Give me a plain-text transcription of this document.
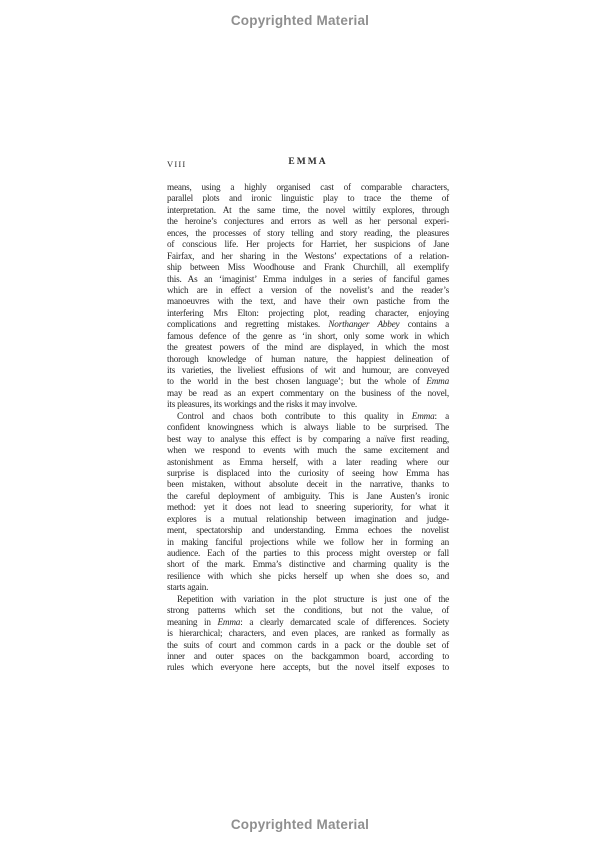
Copyrighted Material
VIII	EMMA
means, using a highly organised cast of comparable characters,
parallel plots and ironic linguistic play to trace the theme of
interpretation. At the same time, the novel wittily explores, through
the heroine’s conjectures and errors as well as her personal experi-
ences, the processes of story telling and story reading, the pleasures
of conscious life. Her projects for Harriet, her suspicions of Jane
Fairfax, and her sharing in the Westons’ expectations of a relation-
ship between Miss Woodhouse and Frank Churchill, all exemplify
this. As an ‘imaginist’ Emma indulges in a series of fanciful games
which are in effect a version of the novelist’s and the reader’s
manoeuvres with the text, and have their own pastiche from the
interfering Mrs Elton: projecting plot, reading character, enjoying
complications and regretting mistakes. Northanger Abbey contains a
famous defence of the genre as ‘in short, only some work in which
the greatest powers of the mind are displayed, in which the most
thorough knowledge of human nature, the happiest delineation of
its varieties, the liveliest effusions of wit and humour, are conveyed
to the world in the best chosen language’; but the whole of Emma
may be read as an expert commentary on the business of the novel,
its pleasures, its workings and the risks it may involve.
Control and chaos both contribute to this quality in Emma: a
confident knowingness which is always liable to be surprised. The
best way to analyse this effect is by comparing a naïve first reading,
when we respond to events with much the same excitement and
astonishment as Emma herself, with a later reading where our
surprise is displaced into the curiosity of seeing how Emma has
been mistaken, without absolute deceit in the narrative, thanks to
the careful deployment of ambiguity. This is Jane Austen’s ironic
method: yet it does not lead to sneering superiority, for what it
explores is a mutual relationship between imagination and judge-
ment, spectatorship and understanding. Emma echoes the novelist
in making fanciful projections while we follow her in forming an
audience. Each of the parties to this process might overstep or fall
short of the mark. Emma’s distinctive and charming quality is the
resilience with which she picks herself up when she does so, and
starts again.
Repetition with variation in the plot structure is just one of the
strong patterns which set the conditions, but not the value, of
meaning in Emma: a clearly demarcated scale of differences. Society
is hierarchical; characters, and even places, are ranked as formally as
the suits of court and common cards in a pack or the double set of
inner and outer spaces on the backgammon board, according to
rules which everyone here accepts, but the novel itself exposes to
Copyrighted Material
